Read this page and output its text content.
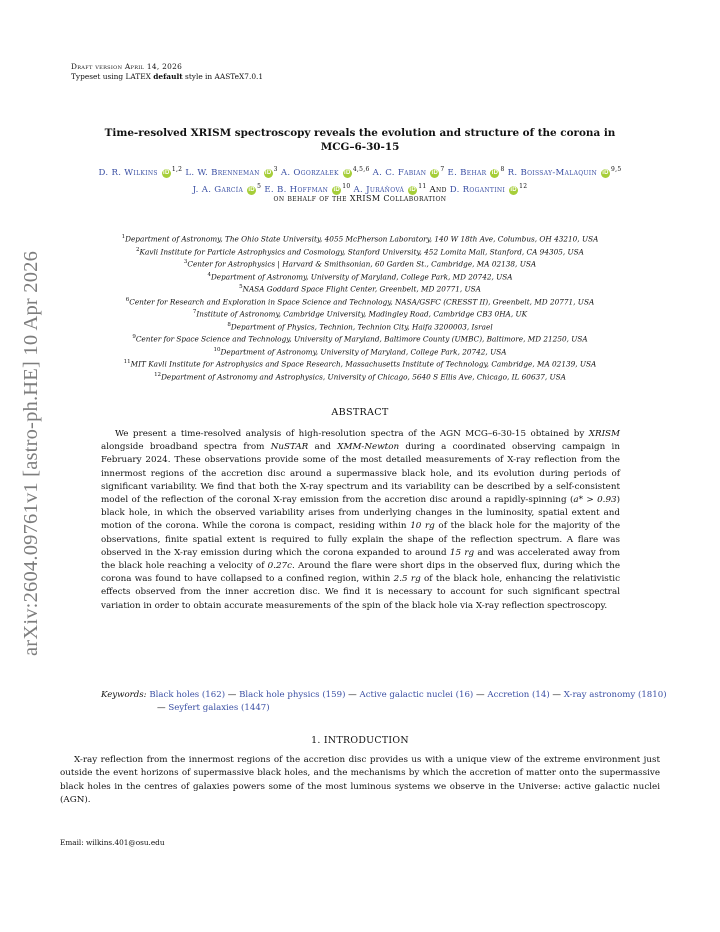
arXiv:2604.09761v1 [astro-ph.HE] 10 Apr 2026
Draft version April 14, 2026
Typeset using LATEX default style in AASTeX7.0.1
Time-resolved XRISM spectroscopy reveals the evolution and structure of the corona in
MCG–6-30-15
D. R. Wilkins iD $^{1,2}$ L. W. Brenneman iD $^3$ A. Ogorzałek iD $^{4,5,6}$ A. C. Fabian iD $^7$ E. Behar iD $^8$ R. Boissay-Malaquin iD $^{9,5}$
J. A. García iD $^5$ E. B. Hoffman iD $^{10}$ A. Juráňová iD $^{11}$ And D. Rogantini iD $^{12}$
on behalf of the XRISM Collaboration
$^1$Department of Astronomy, The Ohio State University, 4055 McPherson Laboratory, 140 W 18th Ave, Columbus, OH 43210, USA
$^2$Kavli Institute for Particle Astrophysics and Cosmology, Stanford University, 452 Lomita Mall, Stanford, CA 94305, USA
$^3$Center for Astrophysics | Harvard & Smithsonian, 60 Garden St., Cambridge, MA 02138, USA
$^4$Department of Astronomy, University of Maryland, College Park, MD 20742, USA
$^5$NASA Goddard Space Flight Center, Greenbelt, MD 20771, USA
$^6$Center for Research and Exploration in Space Science and Technology, NASA/GSFC (CRESST II), Greenbelt, MD 20771, USA
$^7$Institute of Astronomy, Cambridge University, Madingley Road, Cambridge CB3 0HA, UK
$^8$Department of Physics, Technion, Technion City, Haifa 3200003, Israel
$^9$Center for Space Science and Technology, University of Maryland, Baltimore County (UMBC), Baltimore, MD 21250, USA
$^{10}$Department of Astronomy, University of Maryland, College Park, 20742, USA
$^{11}$MIT Kavli Institute for Astrophysics and Space Research, Massachusetts Institute of Technology, Cambridge, MA 02139, USA
$^{12}$Department of Astronomy and Astrophysics, University of Chicago, 5640 S Ellis Ave, Chicago, IL 60637, USA
ABSTRACT
We present a time-resolved analysis of high-resolution spectra of the AGN MCG–6-30-15 obtained by XRISM alongside broadband spectra from NuSTAR and XMM-Newton during a coordinated observing campaign in February 2024. These observations provide some of the most detailed measurements of X-ray reflection from the innermost regions of the accretion disc around a supermassive black hole, and its evolution during periods of significant variability. We find that both the X-ray spectrum and its variability can be described by a self-consistent model of the reflection of the coronal X-ray emission from the accretion disc around a rapidly-spinning (a* > 0.93) black hole, in which the observed variability arises from underlying changes in the luminosity, spatial extent and motion of the corona. While the corona is compact, residing within 10 rg of the black hole for the majority of the observations, finite spatial extent is required to fully explain the shape of the reflection spectrum. A flare was observed in the X-ray emission during which the corona expanded to around 15 rg and was accelerated away from the black hole reaching a velocity of 0.27c. Around the flare were short dips in the observed flux, during which the corona was found to have collapsed to a confined region, within 2.5 rg of the black hole, enhancing the relativistic effects observed from the inner accretion disc. We find it is necessary to account for such significant spectral variation in order to obtain accurate measurements of the spin of the black hole via X-ray reflection spectroscopy.
Keywords: Black holes (162) — Black hole physics (159) — Active galactic nuclei (16) — Accretion (14) — X-ray astronomy (1810) — Seyfert galaxies (1447)
1. INTRODUCTION
X-ray reflection from the innermost regions of the accretion disc provides us with a unique view of the extreme environment just outside the event horizons of supermassive black holes, and the mechanisms by which the accretion of matter onto the supermassive black holes in the centres of galaxies powers some of the most luminous systems we observe in the Universe: active galactic nuclei (AGN).
Email: wilkins.401@osu.edu
